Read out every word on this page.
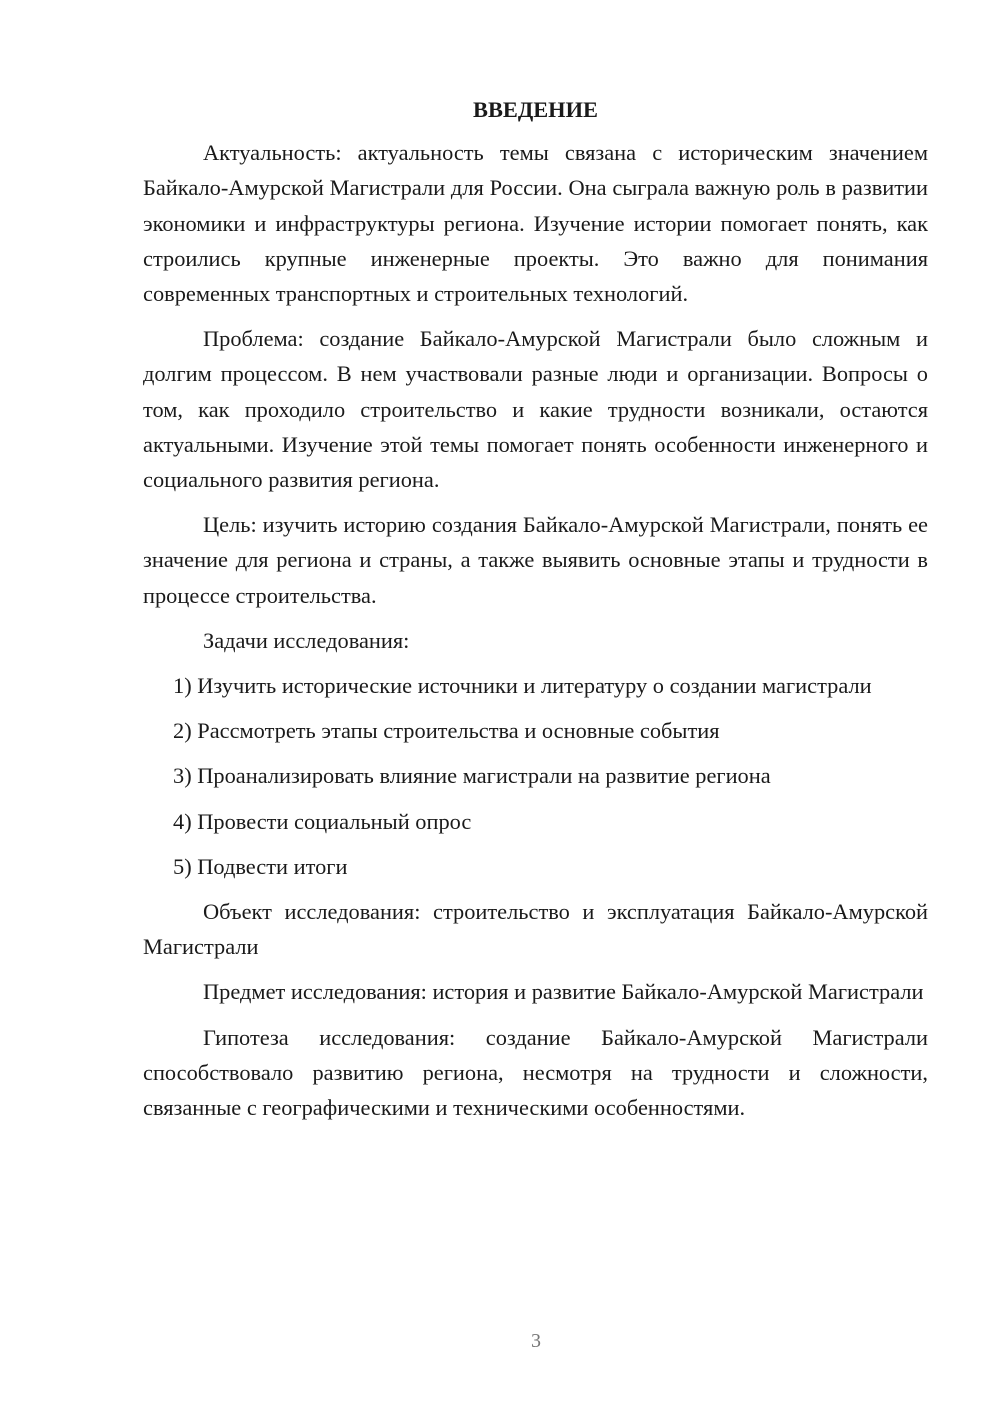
ВВЕДЕНИЕ

Актуальность: актуальность темы связана с историческим значением Байкало-Амурской Магистрали для России. Она сыграла важную роль в развитии экономики и инфраструктуры региона. Изучение истории помогает понять, как строились крупные инженерные проекты. Это важно для понимания современных транспортных и строительных технологий.

Проблема: создание Байкало-Амурской Магистрали было сложным и долгим процессом. В нем участвовали разные люди и организации. Вопросы о том, как проходило строительство и какие трудности возникали, остаются актуальными. Изучение этой темы помогает понять особенности инженерного и социального развития региона.

Цель: изучить историю создания Байкало-Амурской Магистрали, понять ее значение для региона и страны, а также выявить основные этапы и трудности в процессе строительства.

Задачи исследования:

1) Изучить исторические источники и литературу о создании магистрали

2) Рассмотреть этапы строительства и основные события

3) Проанализировать влияние магистрали на развитие региона

4) Провести социальный опрос

5) Подвести итоги

Объект исследования: строительство и эксплуатация Байкало-Амурской Магистрали

Предмет исследования: история и развитие Байкало-Амурской Магистрали

Гипотеза исследования: создание Байкало-Амурской Магистрали способствовало развитию региона, несмотря на трудности и сложности, связанные с географическими и техническими особенностями.

3
